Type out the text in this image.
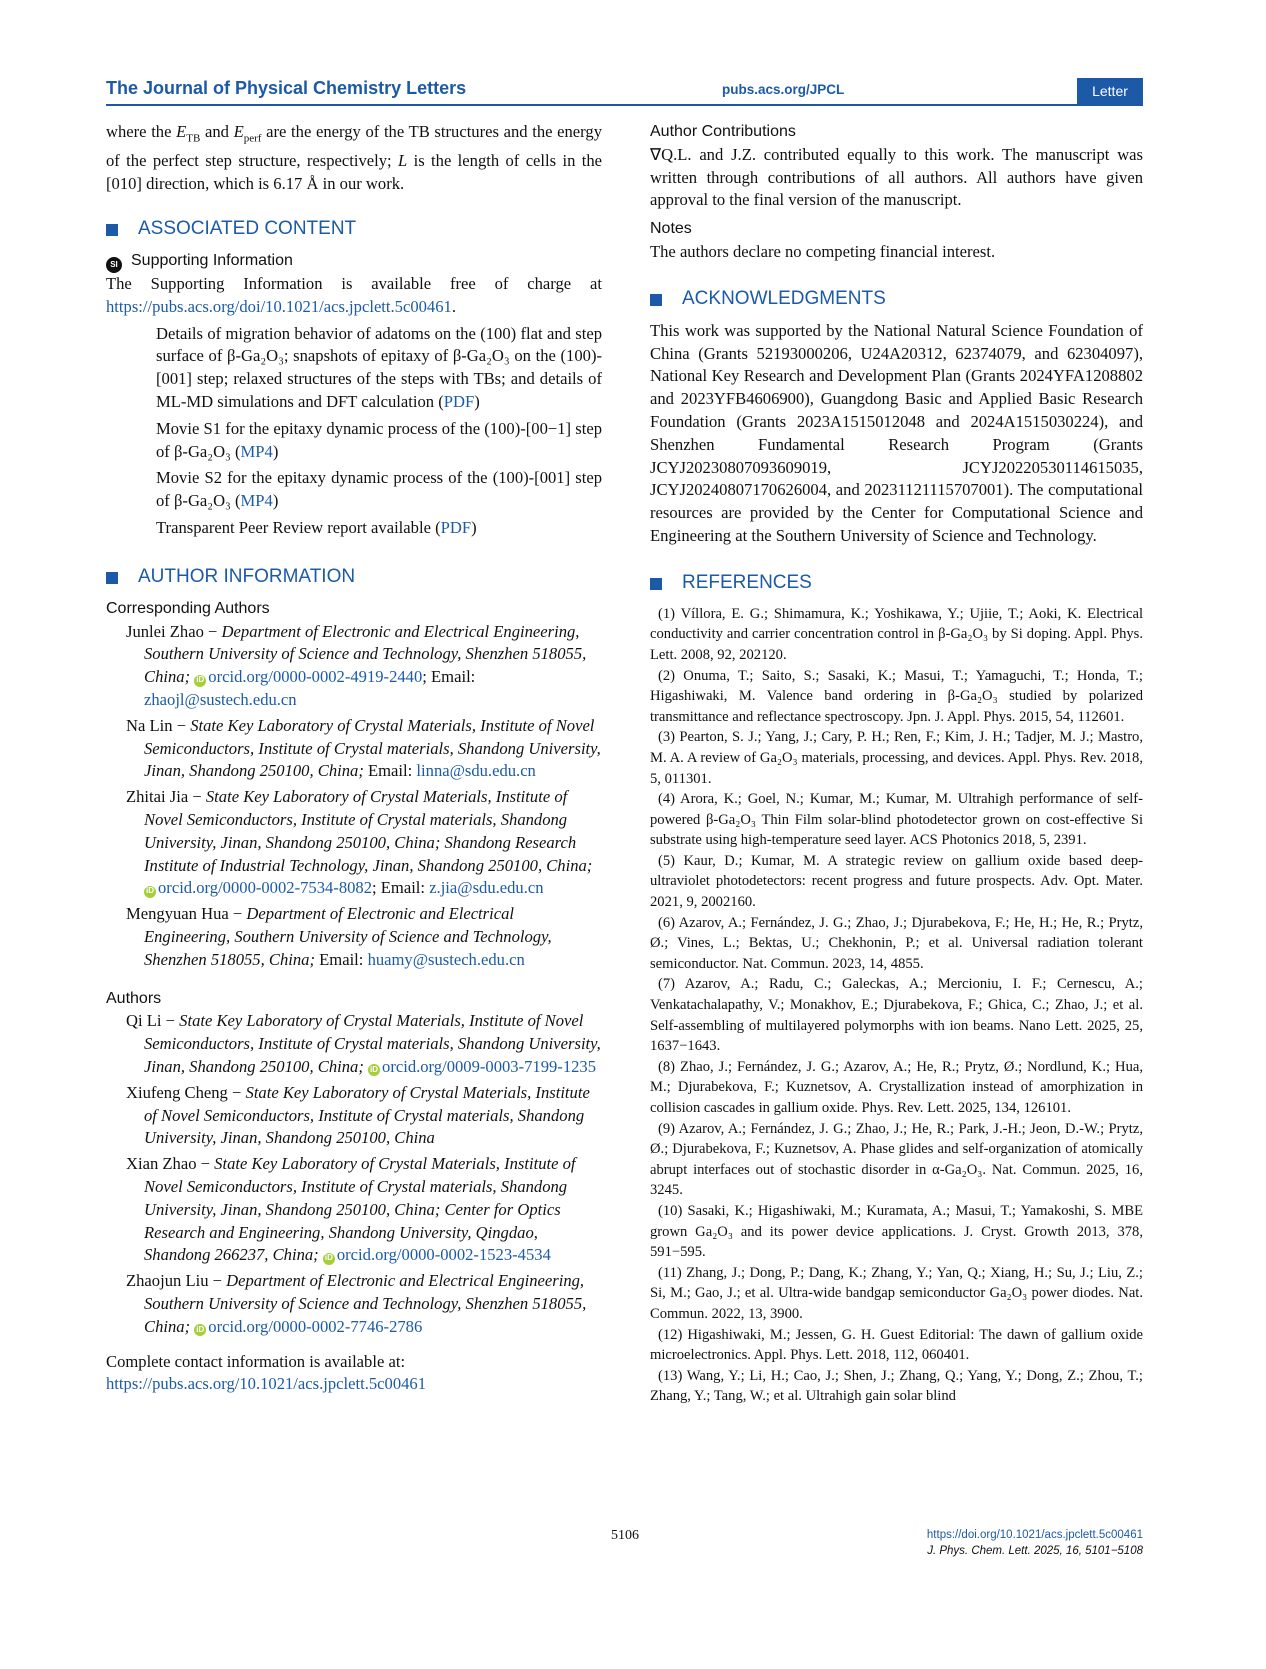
The Journal of Physical Chemistry Letters	pubs.acs.org/JPCL	Letter

where the $E_{TB}$ and $E_{perf}$ are the energy of the TB structures and the energy of the perfect step structure, respectively; L is the length of cells in the [010] direction, which is 6.17 Å in our work.

ASSOCIATED CONTENT
SI Supporting Information

The Supporting Information is available free of charge at https://pubs.acs.org/doi/10.1021/acs.jpclett.5c00461.

Details of migration behavior of adatoms on the (100) flat and step surface of β-Ga₂O₃; snapshots of epitaxy of β-Ga₂O₃ on the (100)-[001] step; relaxed structures of the steps with TBs; and details of ML-MD simulations and DFT calculation (PDF)

Movie S1 for the epitaxy dynamic process of the (100)-[00−1] step of β-Ga₂O₃ (MP4)

Movie S2 for the epitaxy dynamic process of the (100)-[001] step of β-Ga₂O₃ (MP4)

Transparent Peer Review report available (PDF)

AUTHOR INFORMATION
Corresponding Authors

Junlei Zhao − Department of Electronic and Electrical Engineering, Southern University of Science and Technology, Shenzhen 518055, China; iD orcid.org/0000-0002-4919-2440; Email: zhaojl@sustech.edu.cn

Na Lin − State Key Laboratory of Crystal Materials, Institute of Novel Semiconductors, Institute of Crystal materials, Shandong University, Jinan, Shandong 250100, China; Email: linna@sdu.edu.cn

Zhitai Jia − State Key Laboratory of Crystal Materials, Institute of Novel Semiconductors, Institute of Crystal materials, Shandong University, Jinan, Shandong 250100, China; Shandong Research Institute of Industrial Technology, Jinan, Shandong 250100, China; iD orcid.org/0000-0002-7534-8082; Email: z.jia@sdu.edu.cn

Mengyuan Hua − Department of Electronic and Electrical Engineering, Southern University of Science and Technology, Shenzhen 518055, China; Email: huamy@sustech.edu.cn

Authors

Qi Li − State Key Laboratory of Crystal Materials, Institute of Novel Semiconductors, Institute of Crystal materials, Shandong University, Jinan, Shandong 250100, China; iD orcid.org/0009-0003-7199-1235

Xiufeng Cheng − State Key Laboratory of Crystal Materials, Institute of Novel Semiconductors, Institute of Crystal materials, Shandong University, Jinan, Shandong 250100, China

Xian Zhao − State Key Laboratory of Crystal Materials, Institute of Novel Semiconductors, Institute of Crystal materials, Shandong University, Jinan, Shandong 250100, China; Center for Optics Research and Engineering, Shandong University, Qingdao, Shandong 266237, China; iD orcid.org/0000-0002-1523-4534

Zhaojun Liu − Department of Electronic and Electrical Engineering, Southern University of Science and Technology, Shenzhen 518055, China; iD orcid.org/0000-0002-7746-2786

Complete contact information is available at:

https://pubs.acs.org/10.1021/acs.jpclett.5c00461

Author Contributions

∇Q.L. and J.Z. contributed equally to this work. The manuscript was written through contributions of all authors. All authors have given approval to the final version of the manuscript.

Notes

The authors declare no competing financial interest.

ACKNOWLEDGMENTS

This work was supported by the National Natural Science Foundation of China (Grants 52193000206, U24A20312, 62374079, and 62304097), National Key Research and Development Plan (Grants 2024YFA1208802 and 2023YFB4606900), Guangdong Basic and Applied Basic Research Foundation (Grants 2023A1515012048 and 2024A1515030224), and Shenzhen Fundamental Research Program (Grants JCYJ20230807093609019, JCYJ20220530114615035, JCYJ20240807170626004, and 20231121115707001). The computational resources are provided by the Center for Computational Science and Engineering at the Southern University of Science and Technology.

REFERENCES

(1) Víllora, E. G.; Shimamura, K.; Yoshikawa, Y.; Ujiie, T.; Aoki, K. Electrical conductivity and carrier concentration control in β-Ga₂O₃ by Si doping. Appl. Phys. Lett. 2008, 92, 202120.

(2) Onuma, T.; Saito, S.; Sasaki, K.; Masui, T.; Yamaguchi, T.; Honda, T.; Higashiwaki, M. Valence band ordering in β-Ga₂O₃ studied by polarized transmittance and reflectance spectroscopy. Jpn. J. Appl. Phys. 2015, 54, 112601.

(3) Pearton, S. J.; Yang, J.; Cary, P. H.; Ren, F.; Kim, J. H.; Tadjer, M. J.; Mastro, M. A. A review of Ga₂O₃ materials, processing, and devices. Appl. Phys. Rev. 2018, 5, 011301.

(4) Arora, K.; Goel, N.; Kumar, M.; Kumar, M. Ultrahigh performance of self-powered β-Ga₂O₃ Thin Film solar-blind photodetector grown on cost-effective Si substrate using high-temperature seed layer. ACS Photonics 2018, 5, 2391.

(5) Kaur, D.; Kumar, M. A strategic review on gallium oxide based deep-ultraviolet photodetectors: recent progress and future prospects. Adv. Opt. Mater. 2021, 9, 2002160.

(6) Azarov, A.; Fernández, J. G.; Zhao, J.; Djurabekova, F.; He, H.; He, R.; Prytz, Ø.; Vines, L.; Bektas, U.; Chekhonin, P.; et al. Universal radiation tolerant semiconductor. Nat. Commun. 2023, 14, 4855.

(7) Azarov, A.; Radu, C.; Galeckas, A.; Mercioniu, I. F.; Cernescu, A.; Venkatachalapathy, V.; Monakhov, E.; Djurabekova, F.; Ghica, C.; Zhao, J.; et al. Self-assembling of multilayered polymorphs with ion beams. Nano Lett. 2025, 25, 1637−1643.

(8) Zhao, J.; Fernández, J. G.; Azarov, A.; He, R.; Prytz, Ø.; Nordlund, K.; Hua, M.; Djurabekova, F.; Kuznetsov, A. Crystallization instead of amorphization in collision cascades in gallium oxide. Phys. Rev. Lett. 2025, 134, 126101.

(9) Azarov, A.; Fernández, J. G.; Zhao, J.; He, R.; Park, J.-H.; Jeon, D.-W.; Prytz, Ø.; Djurabekova, F.; Kuznetsov, A. Phase glides and self-organization of atomically abrupt interfaces out of stochastic disorder in α-Ga₂O₃. Nat. Commun. 2025, 16, 3245.

(10) Sasaki, K.; Higashiwaki, M.; Kuramata, A.; Masui, T.; Yamakoshi, S. MBE grown Ga₂O₃ and its power device applications. J. Cryst. Growth 2013, 378, 591−595.

(11) Zhang, J.; Dong, P.; Dang, K.; Zhang, Y.; Yan, Q.; Xiang, H.; Su, J.; Liu, Z.; Si, M.; Gao, J.; et al. Ultra-wide bandgap semiconductor Ga₂O₃ power diodes. Nat. Commun. 2022, 13, 3900.

(12) Higashiwaki, M.; Jessen, G. H. Guest Editorial: The dawn of gallium oxide microelectronics. Appl. Phys. Lett. 2018, 112, 060401.

(13) Wang, Y.; Li, H.; Cao, J.; Shen, J.; Zhang, Q.; Yang, Y.; Dong, Z.; Zhou, T.; Zhang, Y.; Tang, W.; et al. Ultrahigh gain solar blind

5106	https://doi.org/10.1021/acs.jpclett.5c00461
J. Phys. Chem. Lett. 2025, 16, 5101−5108
